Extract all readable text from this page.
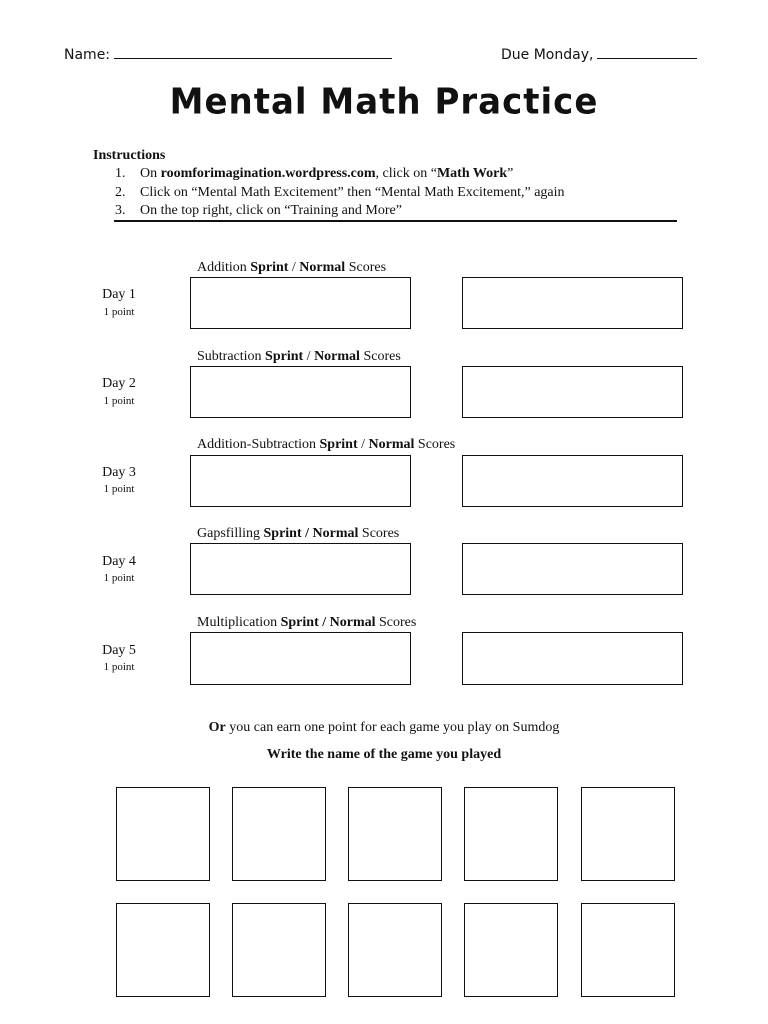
Name:	Due Monday,
Mental Math Practice
Instructions
1. On roomforimagination.wordpress.com, click on “Math Work”
2. Click on “Mental Math Excitement” then “Mental Math Excitement,” again
3. On the top right, click on “Training and More”
Addition Sprint / Normal Scores
Day 1
1 point
Subtraction Sprint / Normal Scores
Day 2
1 point
Addition-Subtraction Sprint / Normal Scores
Day 3
1 point
Gapsfilling Sprint / Normal Scores
Day 4
1 point
Multiplication Sprint / Normal Scores
Day 5
1 point
Or you can earn one point for each game you play on Sumdog
Write the name of the game you played
